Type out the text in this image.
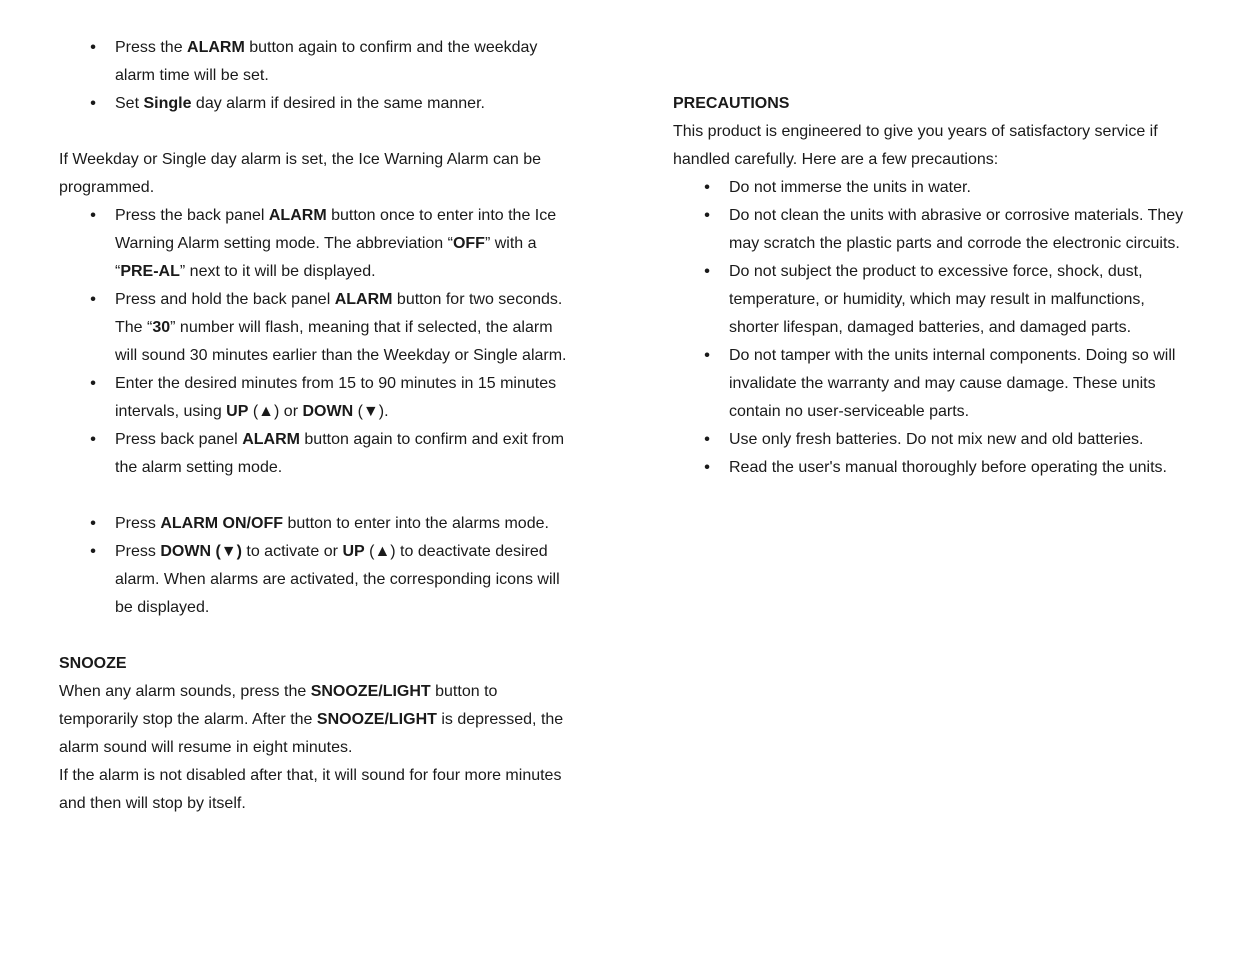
• Press the ALARM button again to confirm and the weekday alarm time will be set.
• Set Single day alarm if desired in the same manner.

If Weekday or Single day alarm is set, the Ice Warning Alarm can be programmed.

• Press the back panel ALARM button once to enter into the Ice Warning Alarm setting mode. The abbreviation “OFF” with a “PRE-AL” next to it will be displayed.
• Press and hold the back panel ALARM button for two seconds. The “30” number will flash, meaning that if selected, the alarm will sound 30 minutes earlier than the Weekday or Single alarm.
• Enter the desired minutes from 15 to 90 minutes in 15 minutes intervals, using UP (▲) or DOWN (▼).
• Press back panel ALARM button again to confirm and exit from the alarm setting mode.
• Press ALARM ON/OFF button to enter into the alarms mode.
• Press DOWN (▼) to activate or UP (▲) to deactivate desired alarm. When alarms are activated, the corresponding icons will be displayed.

SNOOZE

When any alarm sounds, press the SNOOZE/LIGHT button to temporarily stop the alarm. After the SNOOZE/LIGHT is depressed, the alarm sound will resume in eight minutes.

If the alarm is not disabled after that, it will sound for four more minutes and then will stop by itself.

PRECAUTIONS

This product is engineered to give you years of satisfactory service if handled carefully. Here are a few precautions:

• Do not immerse the units in water.
• Do not clean the units with abrasive or corrosive materials. They may scratch the plastic parts and corrode the electronic circuits.
• Do not subject the product to excessive force, shock, dust, temperature, or humidity, which may result in malfunctions, shorter lifespan, damaged batteries, and damaged parts.
• Do not tamper with the units internal components. Doing so will invalidate the warranty and may cause damage. These units contain no user-serviceable parts.
• Use only fresh batteries. Do not mix new and old batteries.
• Read the user's manual thoroughly before operating the units.
